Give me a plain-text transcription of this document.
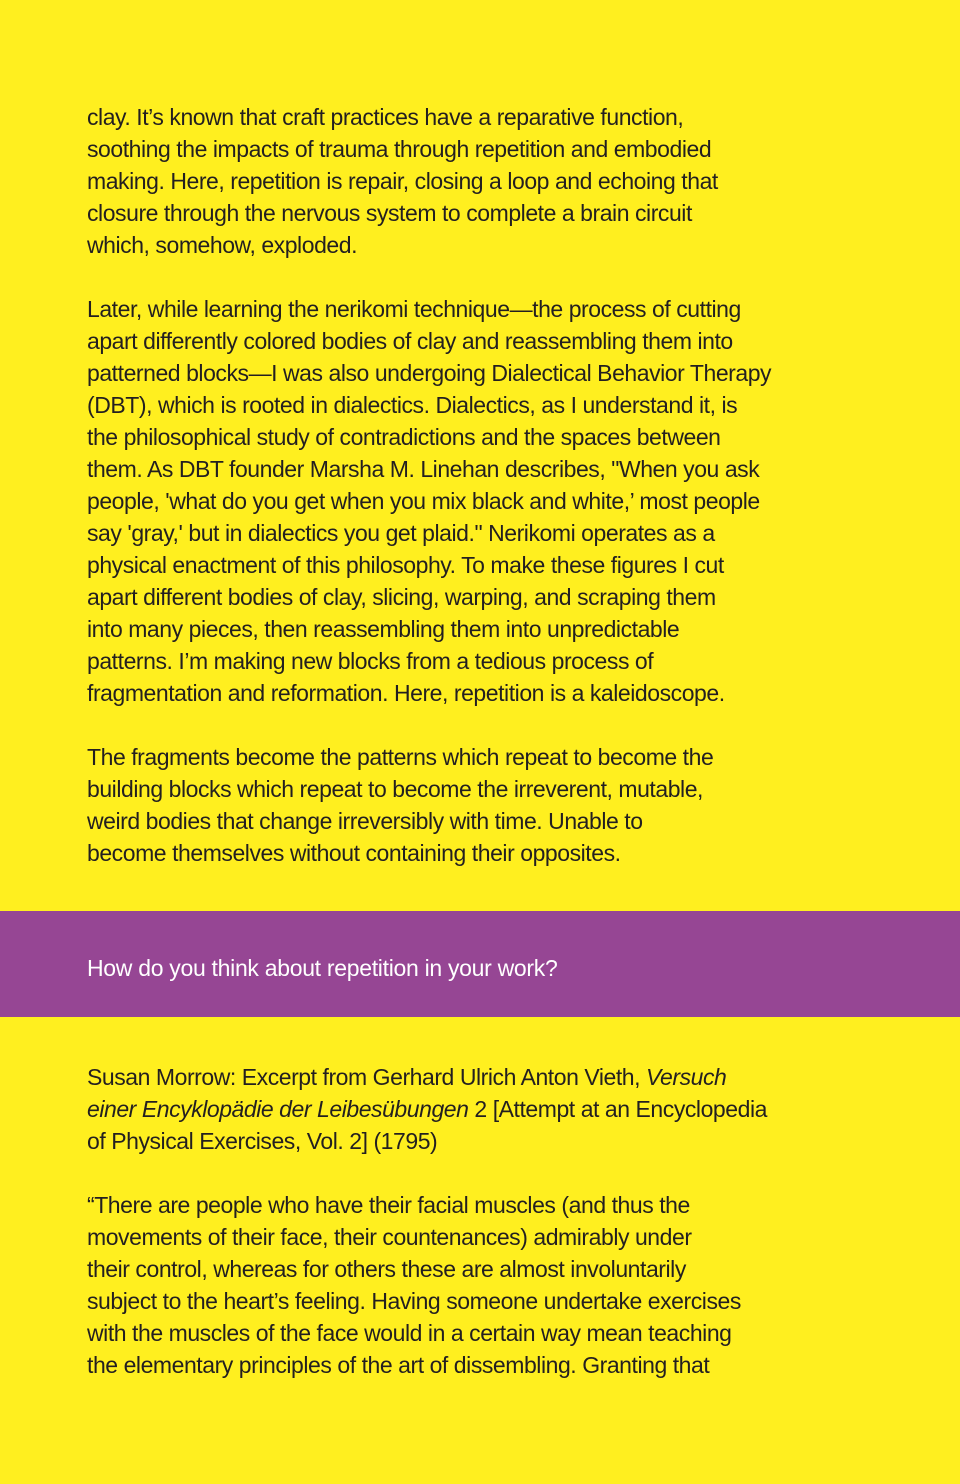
clay. It’s known that craft practices have a reparative function,
soothing the impacts of trauma through repetition and embodied
making. Here, repetition is repair, closing a loop and echoing that
closure through the nervous system to complete a brain circuit
which, somehow, exploded.
Later, while learning the nerikomi technique—the process of cutting
apart differently colored bodies of clay and reassembling them into
patterned blocks—I was also undergoing Dialectical Behavior Therapy
(DBT), which is rooted in dialectics. Dialectics, as I understand it, is
the philosophical study of contradictions and the spaces between
them. As DBT founder Marsha M. Linehan describes, "When you ask
people, 'what do you get when you mix black and white,’ most people
say 'gray,' but in dialectics you get plaid." Nerikomi operates as a
physical enactment of this philosophy. To make these figures I cut
apart different bodies of clay, slicing, warping, and scraping them
into many pieces, then reassembling them into unpredictable
patterns. I’m making new blocks from a tedious process of
fragmentation and reformation. Here, repetition is a kaleidoscope.
The fragments become the patterns which repeat to become the
building blocks which repeat to become the irreverent, mutable,
weird bodies that change irreversibly with time. Unable to
become themselves without containing their opposites.
How do you think about repetition in your work?
Susan Morrow: Excerpt from Gerhard Ulrich Anton Vieth, Versuch
einer Encyklopädie der Leibesübungen 2 [Attempt at an Encyclopedia
of Physical Exercises, Vol. 2] (1795)
“There are people who have their facial muscles (and thus the
movements of their face, their countenances) admirably under
their control, whereas for others these are almost involuntarily
subject to the heart’s feeling. Having someone undertake exercises
with the muscles of the face would in a certain way mean teaching
the elementary principles of the art of dissembling. Granting that
